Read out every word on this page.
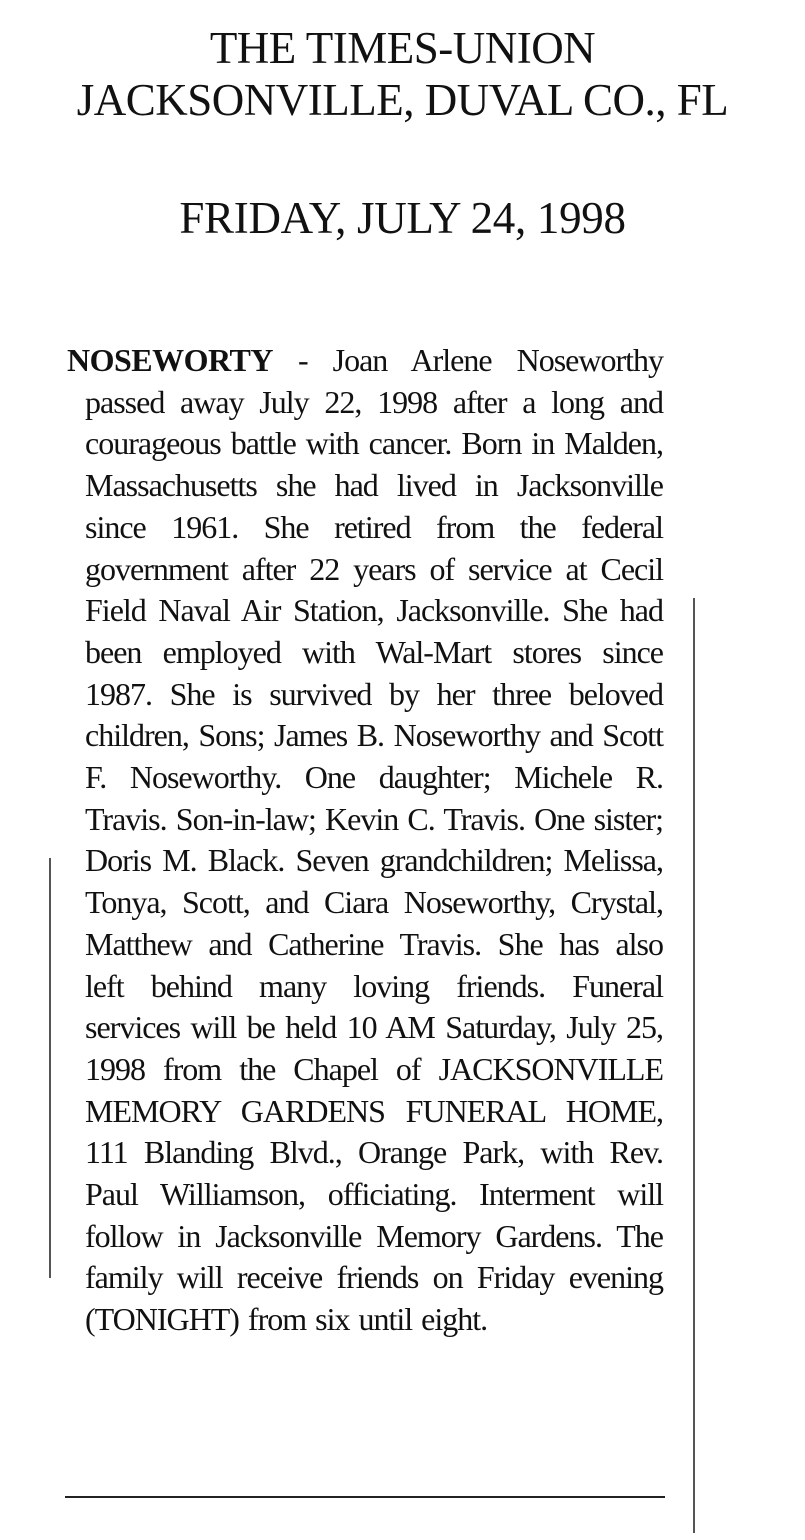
THE TIMES-UNION
JACKSONVILLE, DUVAL CO., FL
FRIDAY, JULY 24, 1998

NOSEWORTY - Joan Arlene Noseworthy passed away July 22, 1998 after a long and courageous battle with cancer. Born in Malden, Massachusetts she had lived in Jacksonville since 1961. She retired from the federal government after 22 years of service at Cecil Field Naval Air Station, Jacksonville. She had been employed with Wal-Mart stores since 1987. She is survived by her three beloved children, Sons; James B. Noseworthy and Scott F. Noseworthy. One daughter; Michele R. Travis. Son-in-law; Kevin C. Travis. One sister; Doris M. Black. Seven grandchildren; Melissa, Tonya, Scott, and Ciara Noseworthy, Crystal, Matthew and Catherine Travis. She has also left behind many loving friends. Funeral services will be held 10 AM Saturday, July 25, 1998 from the Chapel of JACKSONVILLE MEMORY GARDENS FUNERAL HOME, 111 Blanding Blvd., Orange Park, with Rev. Paul Williamson, officiating. Interment will follow in Jacksonville Memory Gardens. The family will receive friends on Friday evening (TONIGHT) from six until eight.
